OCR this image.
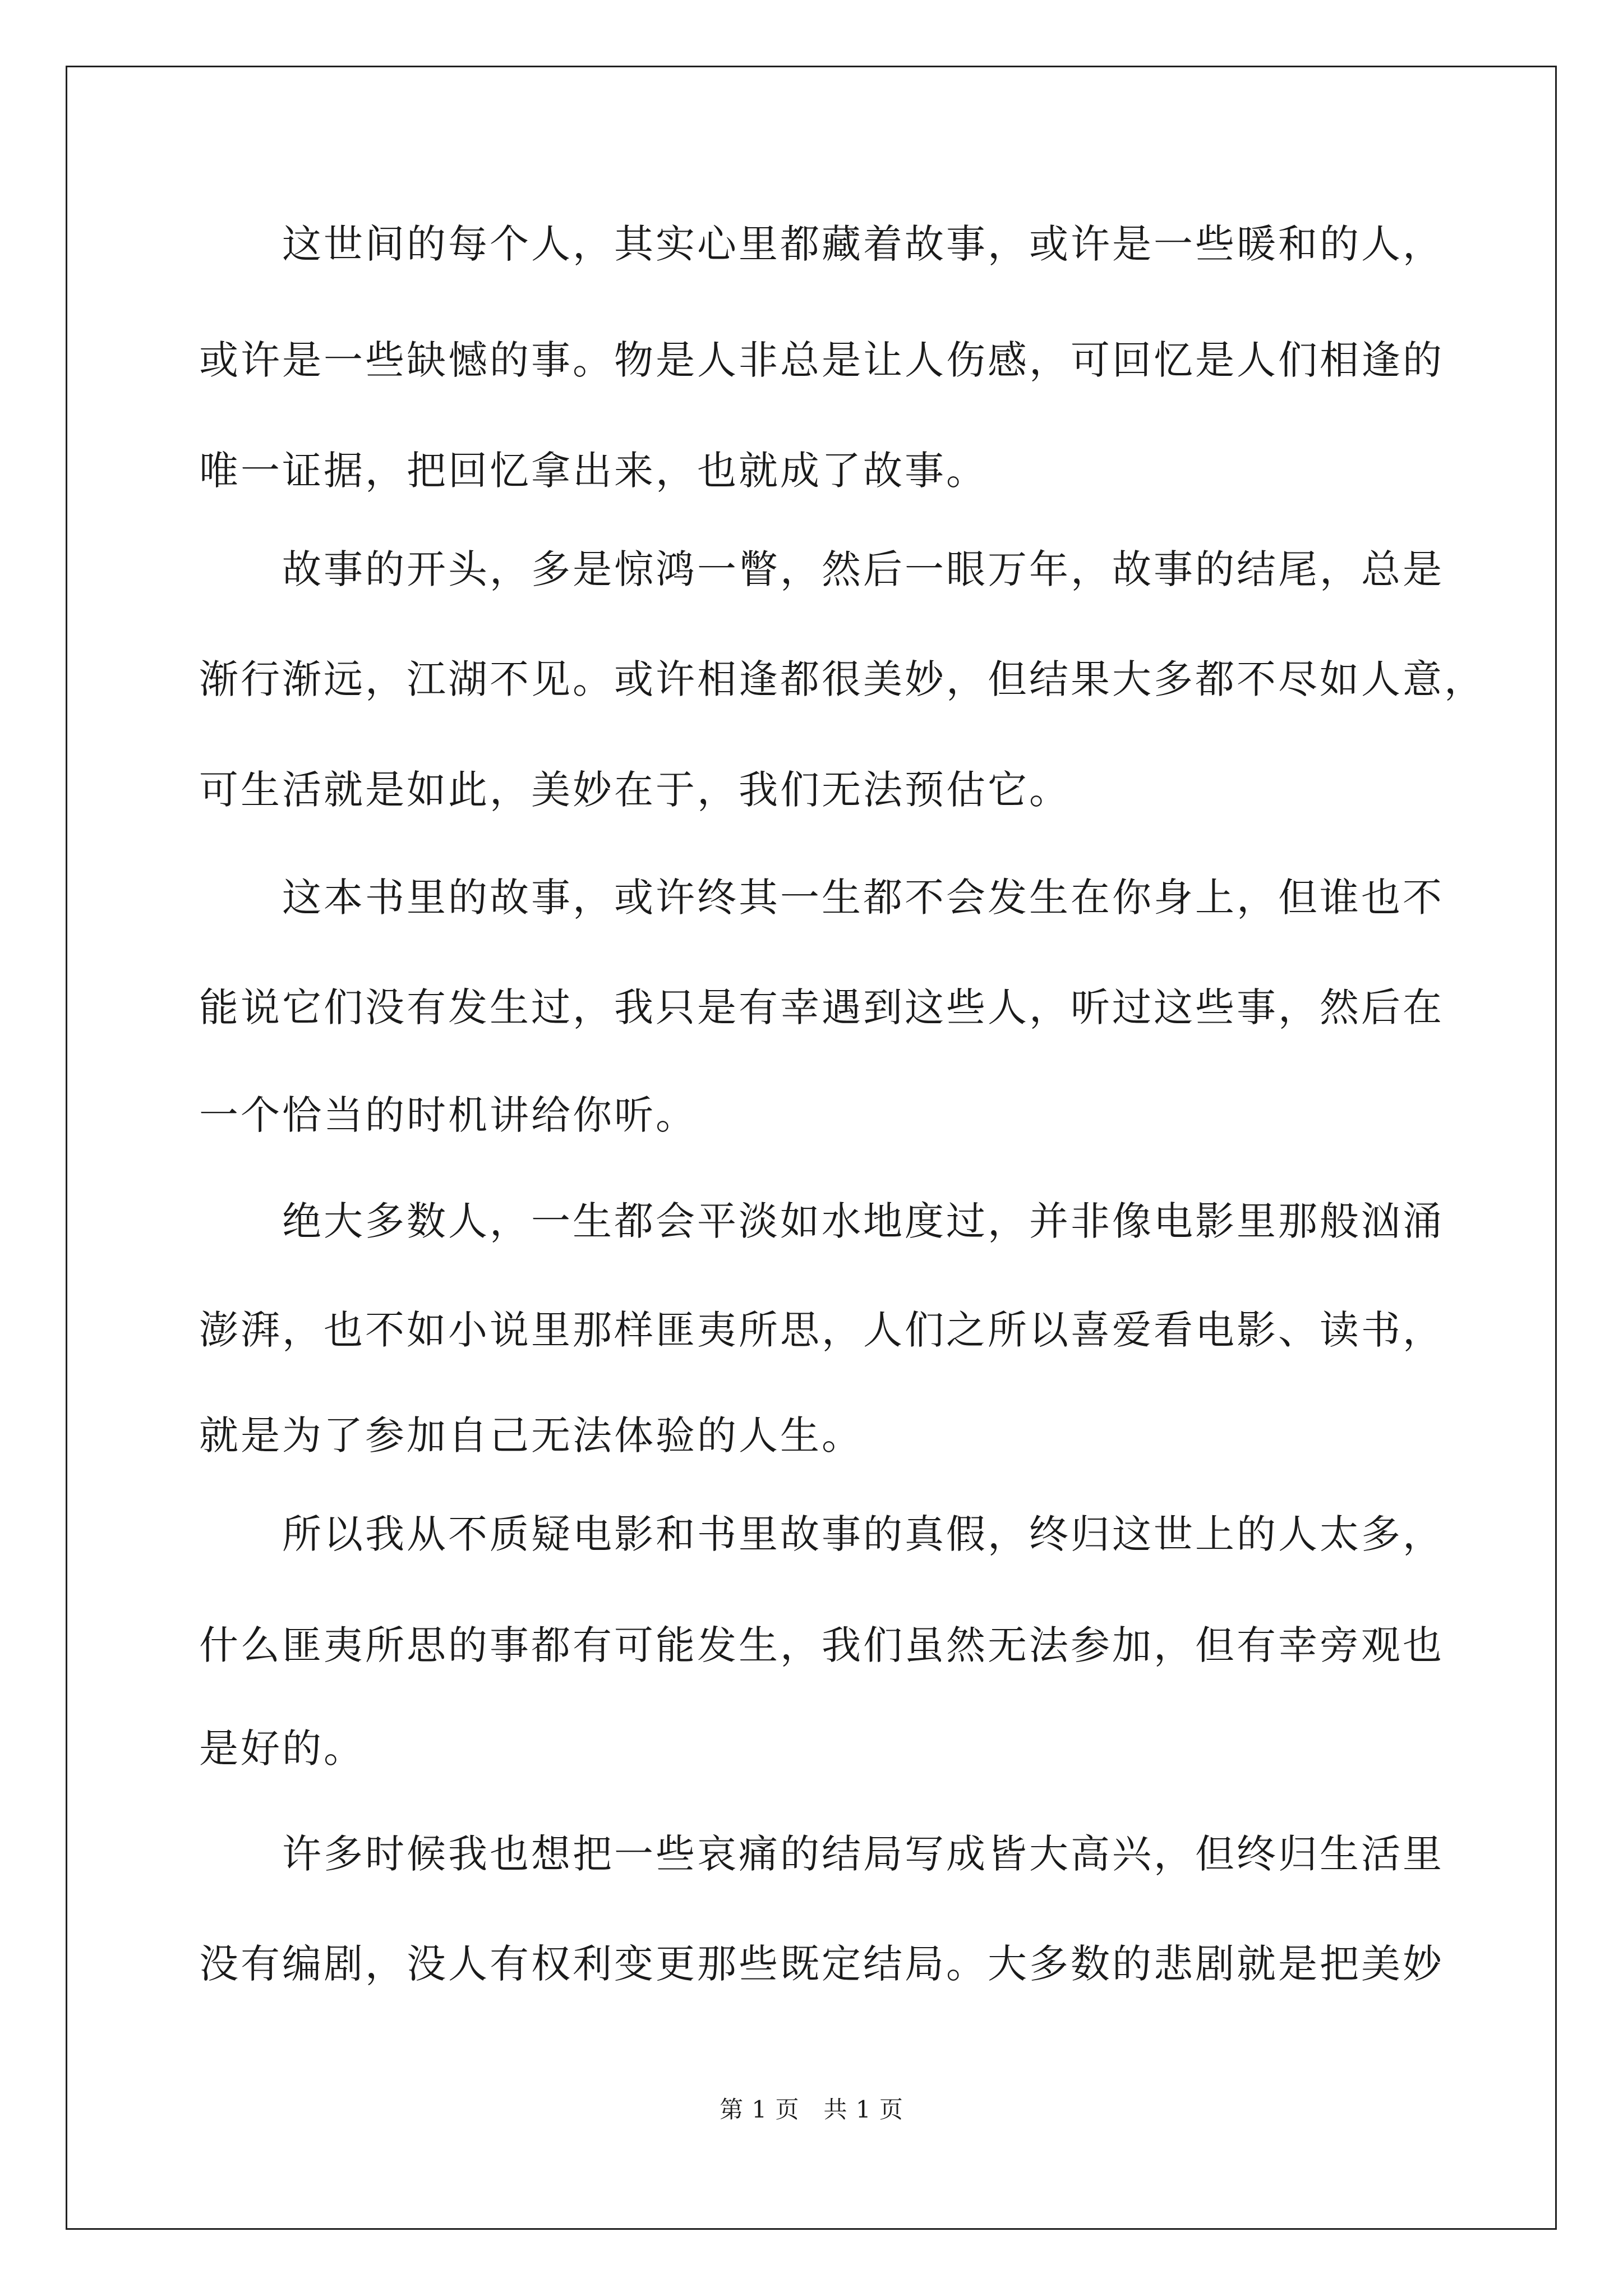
　　这世间的每个人，其实心里都藏着故事，或许是一些暖和的人，
或许是一些缺憾的事。物是人非总是让人伤感，可回忆是人们相逢的
唯一证据，把回忆拿出来，也就成了故事。
　　故事的开头，多是惊鸿一瞥，然后一眼万年，故事的结尾，总是
渐行渐远，江湖不见。或许相逢都很美妙，但结果大多都不尽如人意，
可生活就是如此，美妙在于，我们无法预估它。
　　这本书里的故事，或许终其一生都不会发生在你身上，但谁也不
能说它们没有发生过，我只是有幸遇到这些人，听过这些事，然后在
一个恰当的时机讲给你听。
　　绝大多数人，一生都会平淡如水地度过，并非像电影里那般汹涌
澎湃，也不如小说里那样匪夷所思，人们之所以喜爱看电影、读书，
就是为了参加自己无法体验的人生。
　　所以我从不质疑电影和书里故事的真假，终归这世上的人太多，
什么匪夷所思的事都有可能发生，我们虽然无法参加，但有幸旁观也
是好的。
　　许多时候我也想把一些哀痛的结局写成皆大高兴，但终归生活里
没有编剧，没人有权利变更那些既定结局。大多数的悲剧就是把美妙
第 1 页　共 1 页
